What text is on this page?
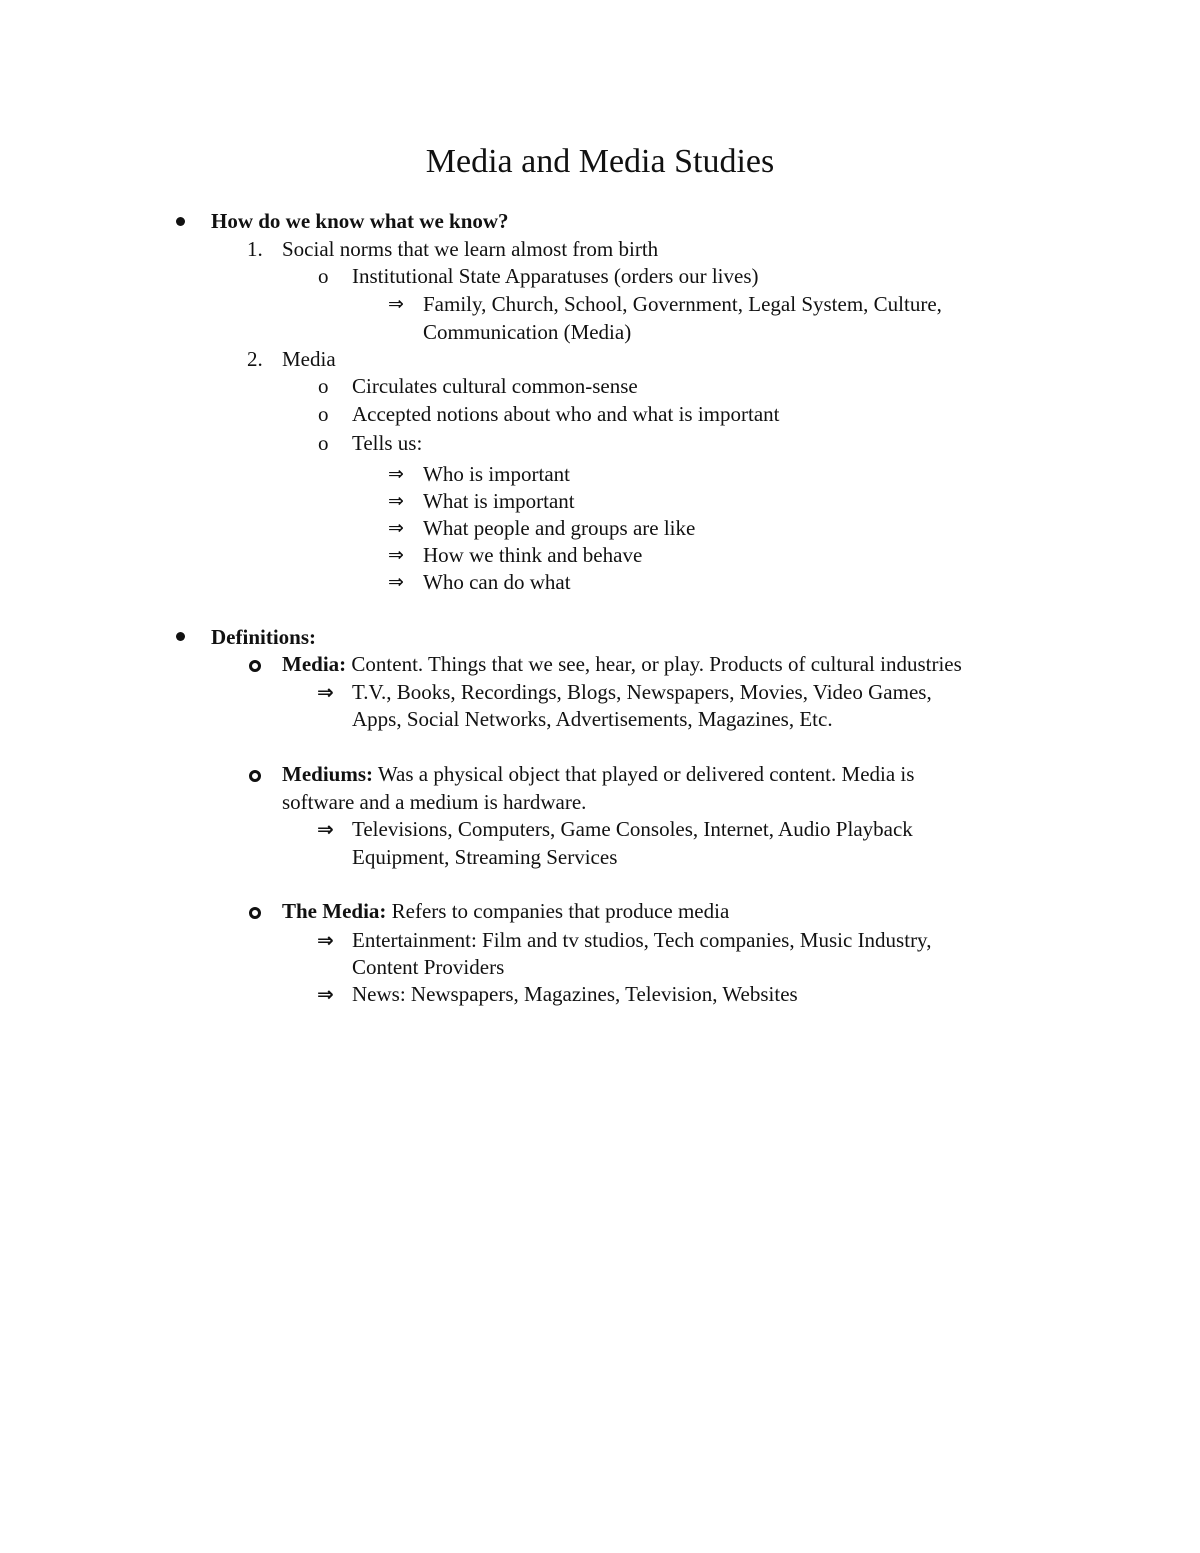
Media and Media Studies
How do we know what we know?
1. Social norms that we learn almost from birth
o Institutional State Apparatuses (orders our lives)
⇒ Family, Church, School, Government, Legal System, Culture,
Communication (Media)
2. Media
o Circulates cultural common-sense
o Accepted notions about who and what is important
o Tells us:
⇒ Who is important
⇒ What is important
⇒ What people and groups are like
⇒ How we think and behave
⇒ Who can do what
Definitions:
Media: Content. Things that we see, hear, or play. Products of cultural industries
⇒ T.V., Books, Recordings, Blogs, Newspapers, Movies, Video Games,
Apps, Social Networks, Advertisements, Magazines, Etc.
Mediums: Was a physical object that played or delivered content. Media is
software and a medium is hardware.
⇒ Televisions, Computers, Game Consoles, Internet, Audio Playback
Equipment, Streaming Services
The Media: Refers to companies that produce media
⇒ Entertainment: Film and tv studios, Tech companies, Music Industry,
Content Providers
⇒ News: Newspapers, Magazines, Television, Websites
